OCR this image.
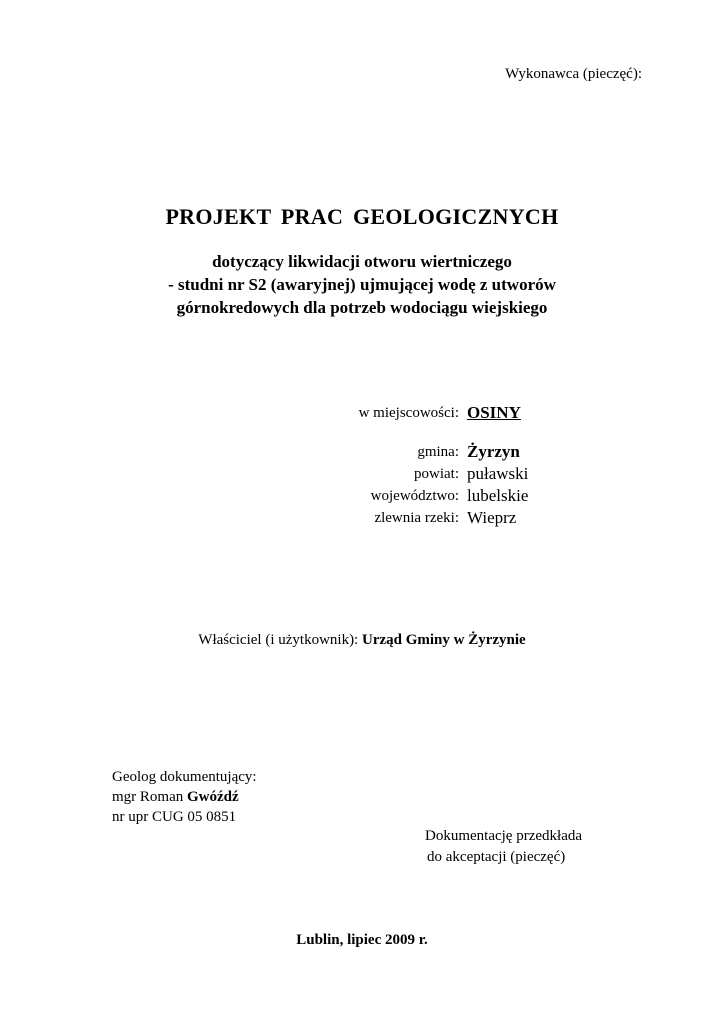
Wykonawca (pieczęć):
PROJEKT PRAC GEOLOGICZNYCH
dotyczący likwidacji otworu wiertniczego
- studni nr S2 (awaryjnej) ujmującej wodę z utworów
górnokredowych dla potrzeb wodociągu wiejskiego
w miejscowości: OSINY
gmina: Żyrzyn
powiat: puławski
województwo: lubelskie
zlewnia rzeki: Wieprz
Właściciel (i użytkownik): Urząd Gminy w Żyrzynie
Geolog dokumentujący:
mgr Roman Gwóźdź
nr upr CUG 05 0851
Dokumentację przedkłada
do akceptacji (pieczęć)
Lublin, lipiec 2009 r.
